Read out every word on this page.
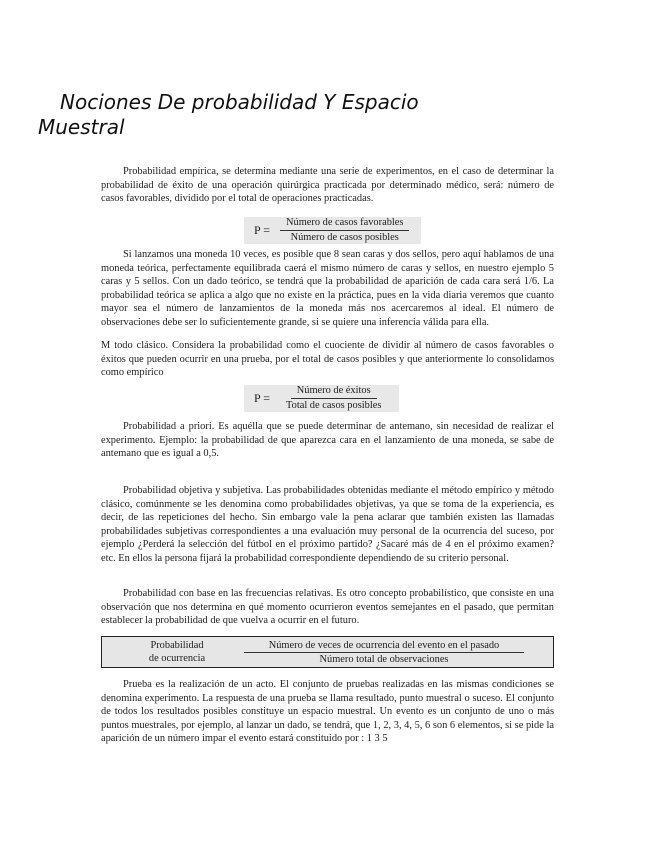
Nociones De probabilidad Y Espacio Muestral

Probabilidad empírica, se determina mediante una serie de experimentos, en el caso de determinar la probabilidad de éxito de una operación quirúrgica practicada por determinado médico, será: número de casos favorables, dividido por el total de operaciones practicadas.

$P = \frac{\text{Número de casos favorables}}{\text{Número de casos posibles}}$

Si lanzamos una moneda 10 veces, es posible que 8 sean caras y dos sellos, pero aquí hablamos de una moneda teórica, perfectamente equilibrada caerá el mismo número de caras y sellos, en nuestro ejemplo 5 caras y 5 sellos. Con un dado teórico, se tendrá que la probabilidad de aparición de cada cara será 1/6. La probabilidad teórica se aplica a algo que no existe en la práctica, pues en la vida diaria veremos que cuanto mayor sea el número de lanzamientos de la moneda más nos acercaremos al ideal. El número de observaciones debe ser lo suficientemente grande, si se quiere una inferencia válida para ella.

M todo clásico. Considera la probabilidad como el cuociente de dividir al número de casos favorables o éxitos que pueden ocurrir en una prueba, por el total de casos posibles y que anteriormente lo consolidamos como empírico

$P = \frac{\text{Número de éxitos}}{\text{Total de casos posibles}}$

Probabilidad a priori. Es aquélla que se puede determinar de antemano, sin necesidad de realizar el experimento. Ejemplo: la probabilidad de que aparezca cara en el lanzamiento de una moneda, se sabe de antemano que es igual a 0,5.

Probabilidad objetiva y subjetiva. Las probabilidades obtenidas mediante el método empírico y método clásico, comúnmente se les denomina como probabilidades objetivas, ya que se toma de la experiencia, es decir, de las repeticiones del hecho. Sin embargo vale la pena aclarar que también existen las llamadas probabilidades subjetivas correspondientes a una evaluación muy personal de la ocurrencia del suceso, por ejemplo ¿Perderá la selección del fútbol en el próximo partido? ¿Sacaré más de 4 en el próximo examen? etc. En ellos la persona fijará la probabilidad correspondiente dependiendo de su criterio personal.

Probabilidad con base en las frecuencias relativas. Es otro concepto probabilístico, que consiste en una observación que nos determina en qué momento ocurrieron eventos semejantes en el pasado, que permitan establecer la probabilidad de que vuelva a ocurrir en el futuro.

Probabilidad
de ocurrencia
Número de veces de ocurrencia del evento en el pasado
Número total de observaciones

Prueba es la realización de un acto. El conjunto de pruebas realizadas en las mismas condiciones se denomina experimento. La respuesta de una prueba se llama resultado, punto muestral o suceso. El conjunto de todos los resultados posibles constituye un espacio muestral. Un evento es un conjunto de uno o más puntos muestrales, por ejemplo, al lanzar un dado, se tendrá, que 1, 2, 3, 4, 5, 6 son 6 elementos, si se pide la aparición de un número impar el evento estará constituido por : 1 3 5
